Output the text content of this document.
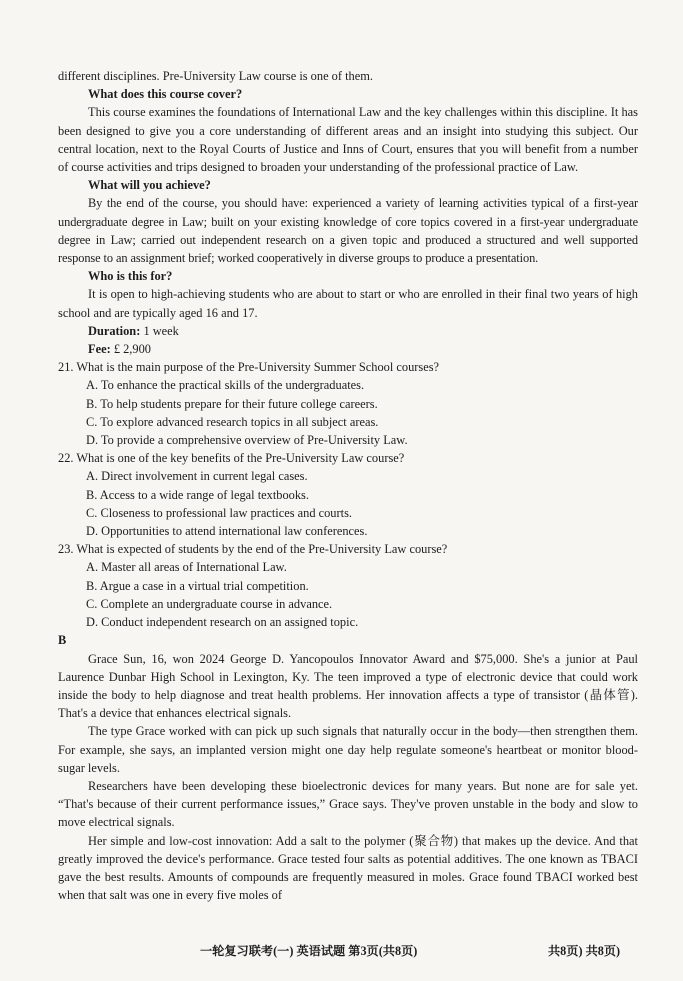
different disciplines. Pre-University Law course is one of them.

What does this course cover?

This course examines the foundations of International Law and the key challenges within this discipline. It has been designed to give you a core understanding of different areas and an insight into studying this subject. Our central location, next to the Royal Courts of Justice and Inns of Court, ensures that you will benefit from a number of course activities and trips designed to broaden your understanding of the professional practice of Law.

What will you achieve?

By the end of the course, you should have: experienced a variety of learning activities typical of a first-year undergraduate degree in Law; built on your existing knowledge of core topics covered in a first-year undergraduate degree in Law; carried out independent research on a given topic and produced a structured and well supported response to an assignment brief; worked cooperatively in diverse groups to produce a presentation.

Who is this for?

It is open to high-achieving students who are about to start or who are enrolled in their final two years of high school and are typically aged 16 and 17.

Duration: 1 week

Fee: £ 2,900

21. What is the main purpose of the Pre-University Summer School courses?

A. To enhance the practical skills of the undergraduates.

B. To help students prepare for their future college careers.

C. To explore advanced research topics in all subject areas.

D. To provide a comprehensive overview of Pre-University Law.

22. What is one of the key benefits of the Pre-University Law course?

A. Direct involvement in current legal cases.

B. Access to a wide range of legal textbooks.

C. Closeness to professional law practices and courts.

D. Opportunities to attend international law conferences.

23. What is expected of students by the end of the Pre-University Law course?

A. Master all areas of International Law.

B. Argue a case in a virtual trial competition.

C. Complete an undergraduate course in advance.

D. Conduct independent research on an assigned topic.

B

Grace Sun, 16, won 2024 George D. Yancopoulos Innovator Award and $75,000. She's a junior at Paul Laurence Dunbar High School in Lexington, Ky. The teen improved a type of electronic device that could work inside the body to help diagnose and treat health problems. Her innovation affects a type of transistor (晶体管). That's a device that enhances electrical signals.

The type Grace worked with can pick up such signals that naturally occur in the body—then strengthen them. For example, she says, an implanted version might one day help regulate someone's heartbeat or monitor blood-sugar levels.

Researchers have been developing these bioelectronic devices for many years. But none are for sale yet. “That's because of their current performance issues,” Grace says. They've proven unstable in the body and slow to move electrical signals.

Her simple and low-cost innovation: Add a salt to the polymer (聚合物) that makes up the device. And that greatly improved the device's performance. Grace tested four salts as potential additives. The one known as TBACI gave the best results. Amounts of compounds are frequently measured in moles. Grace found TBACI worked best when that salt was one in every five moles of

一轮复习联考(一) 英语试题 第3页(共8页)	共8页) 共8页)
